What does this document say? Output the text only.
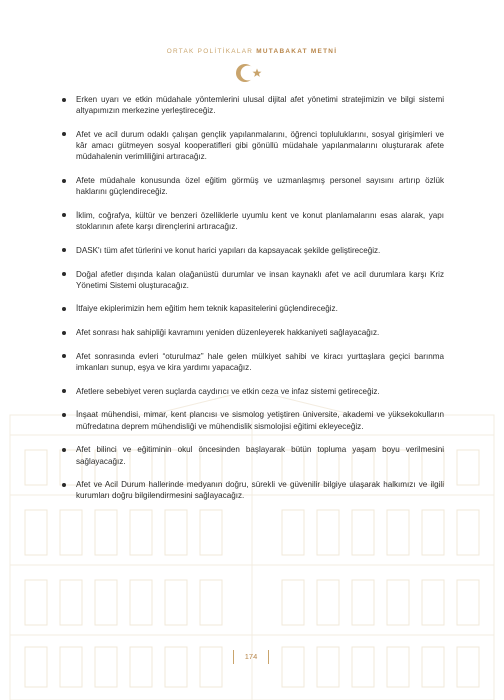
ORTAK POLİTİKALAR MUTABAKAT METNİ
Erken uyarı ve etkin müdahale yöntemlerini ulusal dijital afet yönetimi stratejimizin ve bilgi sistemi altyapımızın merkezine yerleştireceğiz.
Afet ve acil durum odaklı çalışan gençlik yapılanmalarını, öğrenci topluluklarını, sosyal girişimleri ve kâr amacı gütmeyen sosyal kooperatifleri gibi gönüllü müdahale yapılanmalarını oluşturarak afete müdahalenin verimliliğini artıracağız.
Afete müdahale konusunda özel eğitim görmüş ve uzmanlaşmış personel sayısını artırıp özlük haklarını güçlendireceğiz.
İklim, coğrafya, kültür ve benzeri özelliklerle uyumlu kent ve konut planlamalarını esas alarak, yapı stoklarının afete karşı dirençlerini artıracağız.
DASK'ı tüm afet türlerini ve konut harici yapıları da kapsayacak şekilde geliştireceğiz.
Doğal afetler dışında kalan olağanüstü durumlar ve insan kaynaklı afet ve acil durumlara karşı Kriz Yönetimi Sistemi oluşturacağız.
İtfaiye ekiplerimizin hem eğitim hem teknik kapasitelerini güçlendireceğiz.
Afet sonrası hak sahipliği kavramını yeniden düzenleyerek hakkaniyeti sağlayacağız.
Afet sonrasında evleri “oturulmaz” hale gelen mülkiyet sahibi ve kiracı yurttaşlara geçici barınma imkanları sunup, eşya ve kira yardımı yapacağız.
Afetlere sebebiyet veren suçlarda caydırıcı ve etkin ceza ve infaz sistemi getireceğiz.
İnşaat mühendisi, mimar, kent plancısı ve sismolog yetiştiren üniversite, akademi ve yüksekokulların müfredatına deprem mühendisliği ve mühendislik sismolojisi eğitimi ekleyeceğiz.
Afet bilinci ve eğitiminin okul öncesinden başlayarak bütün topluma yaşam boyu verilmesini sağlayacağız.
Afet ve Acil Durum hallerinde medyanın doğru, sürekli ve güvenilir bilgiye ulaşarak halkımızı ve ilgili kurumları doğru bilgilendirmesini sağlayacağız.
174
